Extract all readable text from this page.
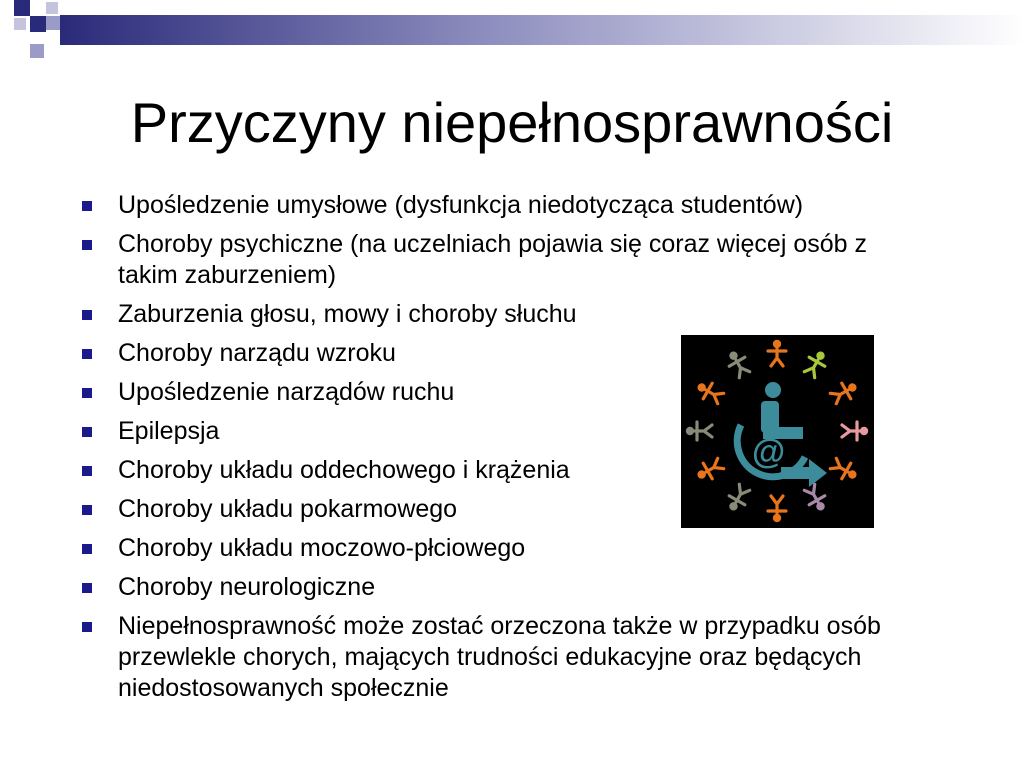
Przyczyny niepełnosprawności
Upośledzenie umysłowe (dysfunkcja niedotycząca studentów)
Choroby psychiczne (na uczelniach pojawia się coraz więcej osób z takim zaburzeniem)
Zaburzenia głosu, mowy i choroby słuchu
Choroby narządu wzroku
Upośledzenie narządów ruchu
Epilepsja
Choroby układu oddechowego i krążenia
Choroby układu pokarmowego
Choroby układu moczowo-płciowego
Choroby neurologiczne
Niepełnosprawność może zostać orzeczona także w przypadku osób przewlekle chorych, mających trudności edukacyjne oraz będących niedostosowanych społecznie
@
